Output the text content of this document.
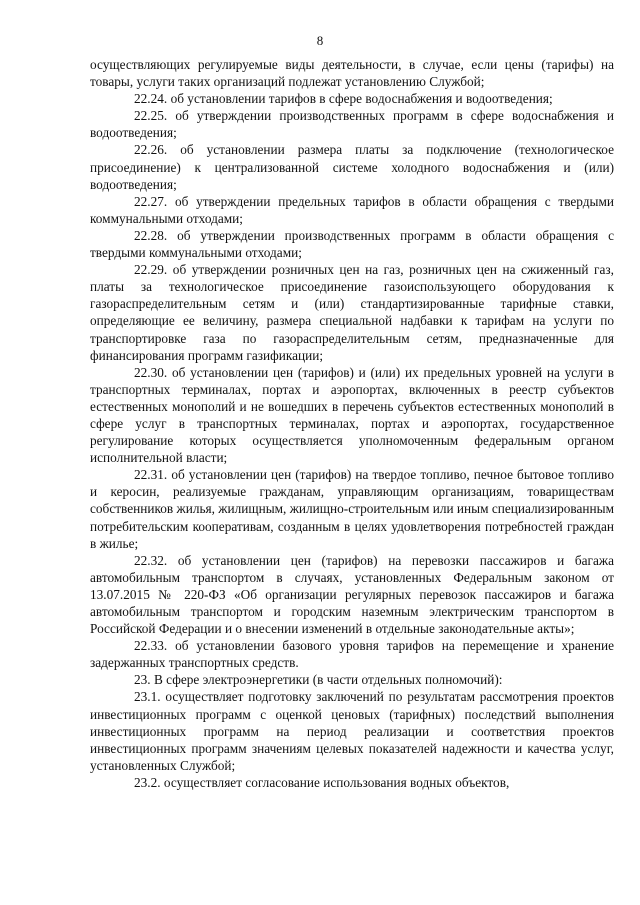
8

осуществляющих регулируемые виды деятельности, в случае, если цены (тарифы) на товары, услуги таких организаций подлежат установлению Службой;

22.24. об установлении тарифов в сфере водоснабжения и водоотведения;

22.25. об утверждении производственных программ в сфере водоснабжения и водоотведения;

22.26. об установлении размера платы за подключение (технологическое присоединение) к централизованной системе холодного водоснабжения и (или) водоотведения;

22.27. об утверждении предельных тарифов в области обращения с твердыми коммунальными отходами;

22.28. об утверждении производственных программ в области обращения с твердыми коммунальными отходами;

22.29. об утверждении розничных цен на газ, розничных цен на сжиженный газ, платы за технологическое присоединение газоиспользующего оборудования к газораспределительным сетям и (или) стандартизированные тарифные ставки, определяющие ее величину, размера специальной надбавки к тарифам на услуги по транспортировке газа по газораспределительным сетям, предназначенные для финансирования программ газификации;

22.30. об установлении цен (тарифов) и (или) их предельных уровней на услуги в транспортных терминалах, портах и аэропортах, включенных в реестр субъектов естественных монополий и не вошедших в перечень субъектов естественных монополий в сфере услуг в транспортных терминалах, портах и аэропортах, государственное регулирование которых осуществляется уполномоченным федеральным органом исполнительной власти;

22.31. об установлении цен (тарифов) на твердое топливо, печное бытовое топливо и керосин, реализуемые гражданам, управляющим организациям, товариществам собственников жилья, жилищным, жилищно-строительным или иным специализированным потребительским кооперативам, созданным в целях удовлетворения потребностей граждан в жилье;

22.32. об установлении цен (тарифов) на перевозки пассажиров и багажа автомобильным транспортом в случаях, установленных Федеральным законом от 13.07.2015 № 220-ФЗ «Об организации регулярных перевозок пассажиров и багажа автомобильным транспортом и городским наземным электрическим транспортом в Российской Федерации и о внесении изменений в отдельные законодательные акты»;

22.33. об установлении базового уровня тарифов на перемещение и хранение задержанных транспортных средств.

23. В сфере электроэнергетики (в части отдельных полномочий):

23.1. осуществляет подготовку заключений по результатам рассмотрения проектов инвестиционных программ с оценкой ценовых (тарифных) последствий выполнения инвестиционных программ на период реализации и соответствия проектов инвестиционных программ значениям целевых показателей надежности и качества услуг, установленных Службой;

23.2. осуществляет согласование использования водных объектов,
